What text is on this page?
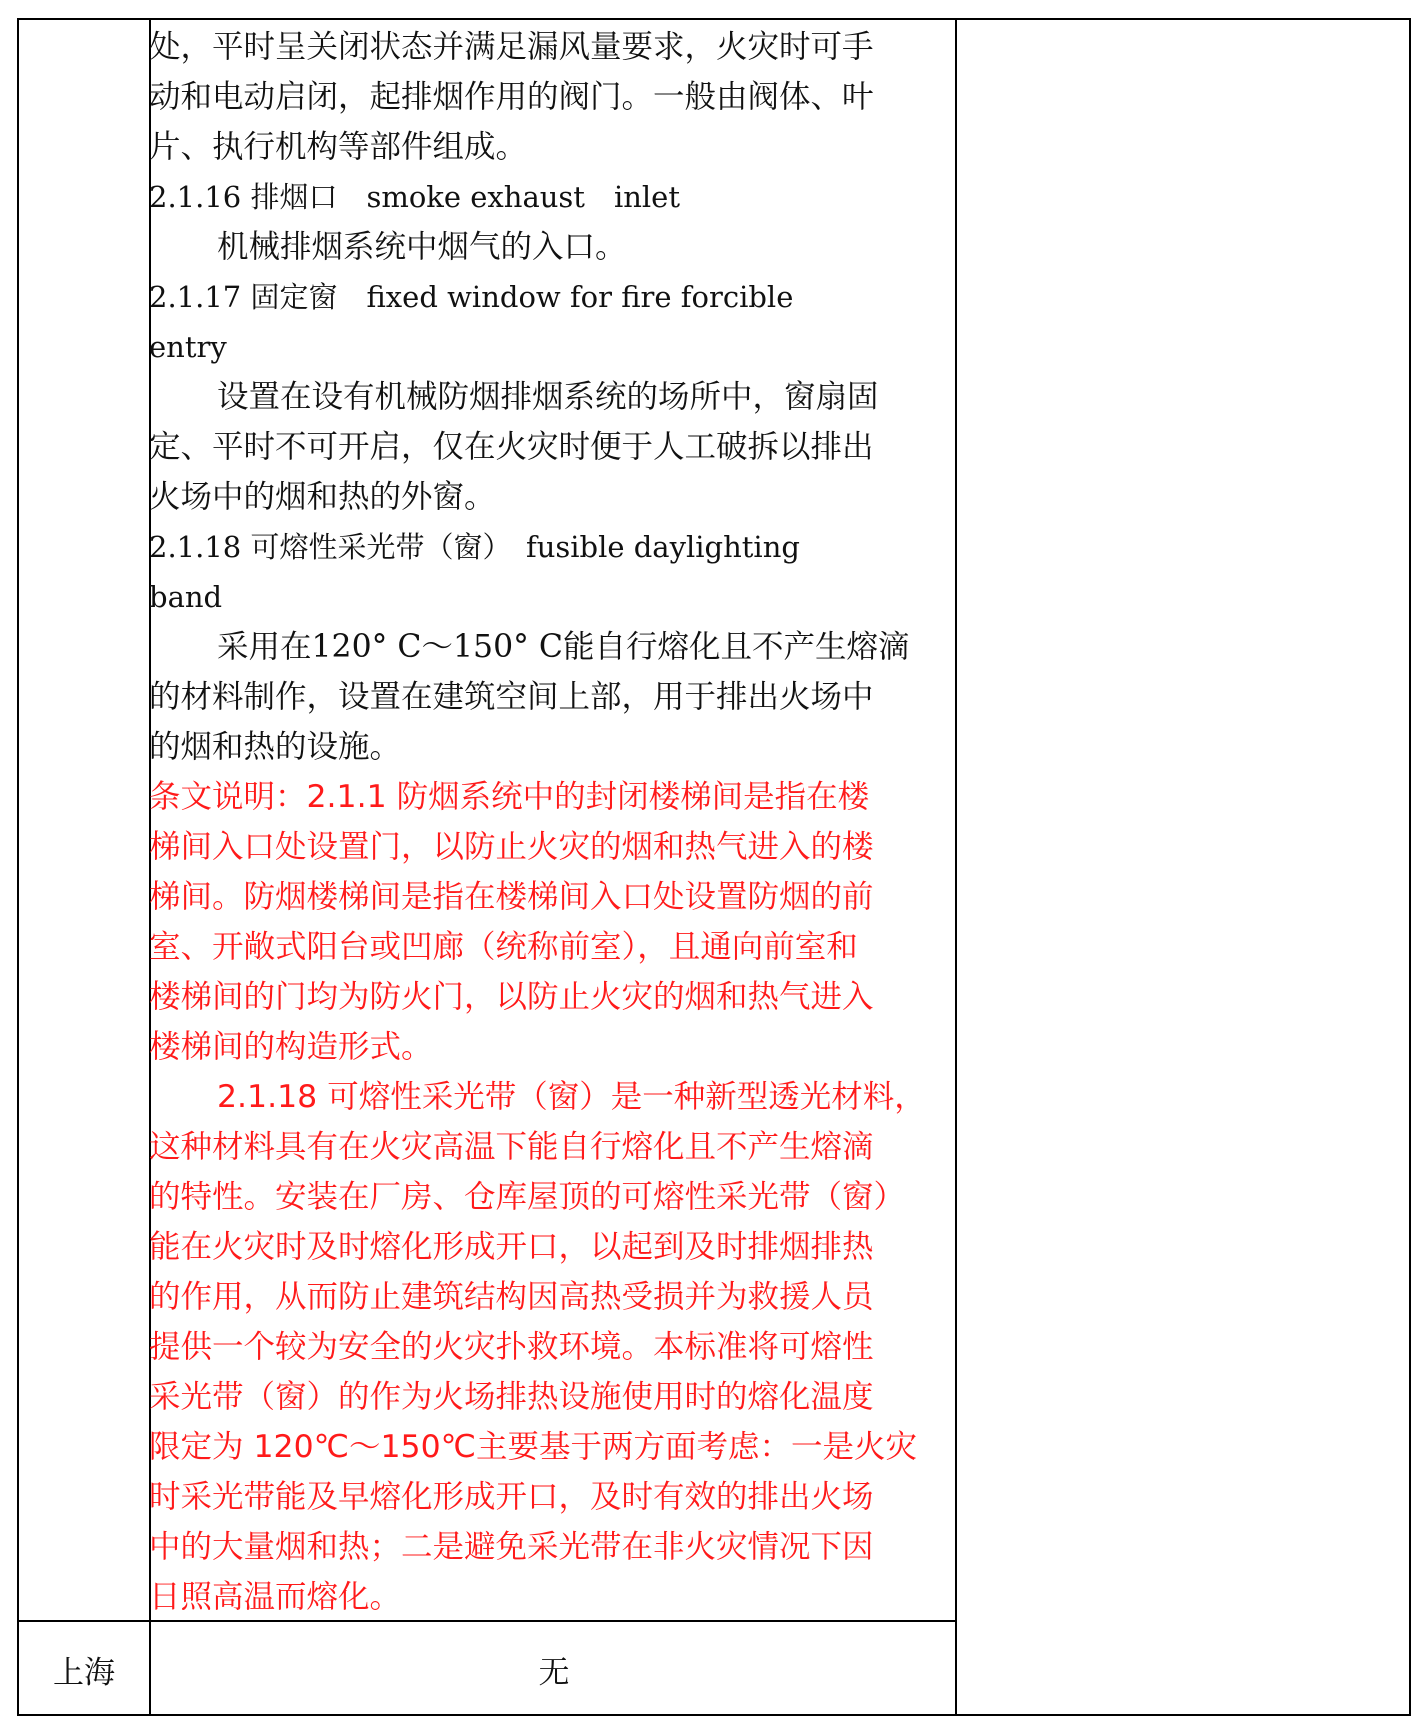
处，平时呈关闭状态并满足漏风量要求，火灾时可手
动和电动启闭，起排烟作用的阀门。一般由阀体、叶
片、执行机构等部件组成。
2.1.16 排烟口　smoke exhaust　inlet
机械排烟系统中烟气的入口。
2.1.17 固定窗　fixed window for fire forcible
entry
设置在设有机械防烟排烟系统的场所中，窗扇固
定、平时不可开启，仅在火灾时便于人工破拆以排出
火场中的烟和热的外窗。
2.1.18 可熔性采光带（窗）　fusible daylighting
band
采用在120° C～150° C能自行熔化且不产生熔滴
的材料制作，设置在建筑空间上部，用于排出火场中
的烟和热的设施。
条文说明：2.1.1 防烟系统中的封闭楼梯间是指在楼
梯间入口处设置门，以防止火灾的烟和热气进入的楼
梯间。防烟楼梯间是指在楼梯间入口处设置防烟的前
室、开敞式阳台或凹廊（统称前室），且通向前室和
楼梯间的门均为防火门，以防止火灾的烟和热气进入
楼梯间的构造形式。
2.1.18 可熔性采光带（窗）是一种新型透光材料，
这种材料具有在火灾高温下能自行熔化且不产生熔滴
的特性。安装在厂房、仓库屋顶的可熔性采光带（窗）
能在火灾时及时熔化形成开口，以起到及时排烟排热
的作用，从而防止建筑结构因高热受损并为救援人员
提供一个较为安全的火灾扑救环境。本标准将可熔性
采光带（窗）的作为火场排热设施使用时的熔化温度
限定为 120℃～150℃主要基于两方面考虑：一是火灾
时采光带能及早熔化形成开口，及时有效的排出火场
中的大量烟和热；二是避免采光带在非火灾情况下因
日照高温而熔化。
上海	无
